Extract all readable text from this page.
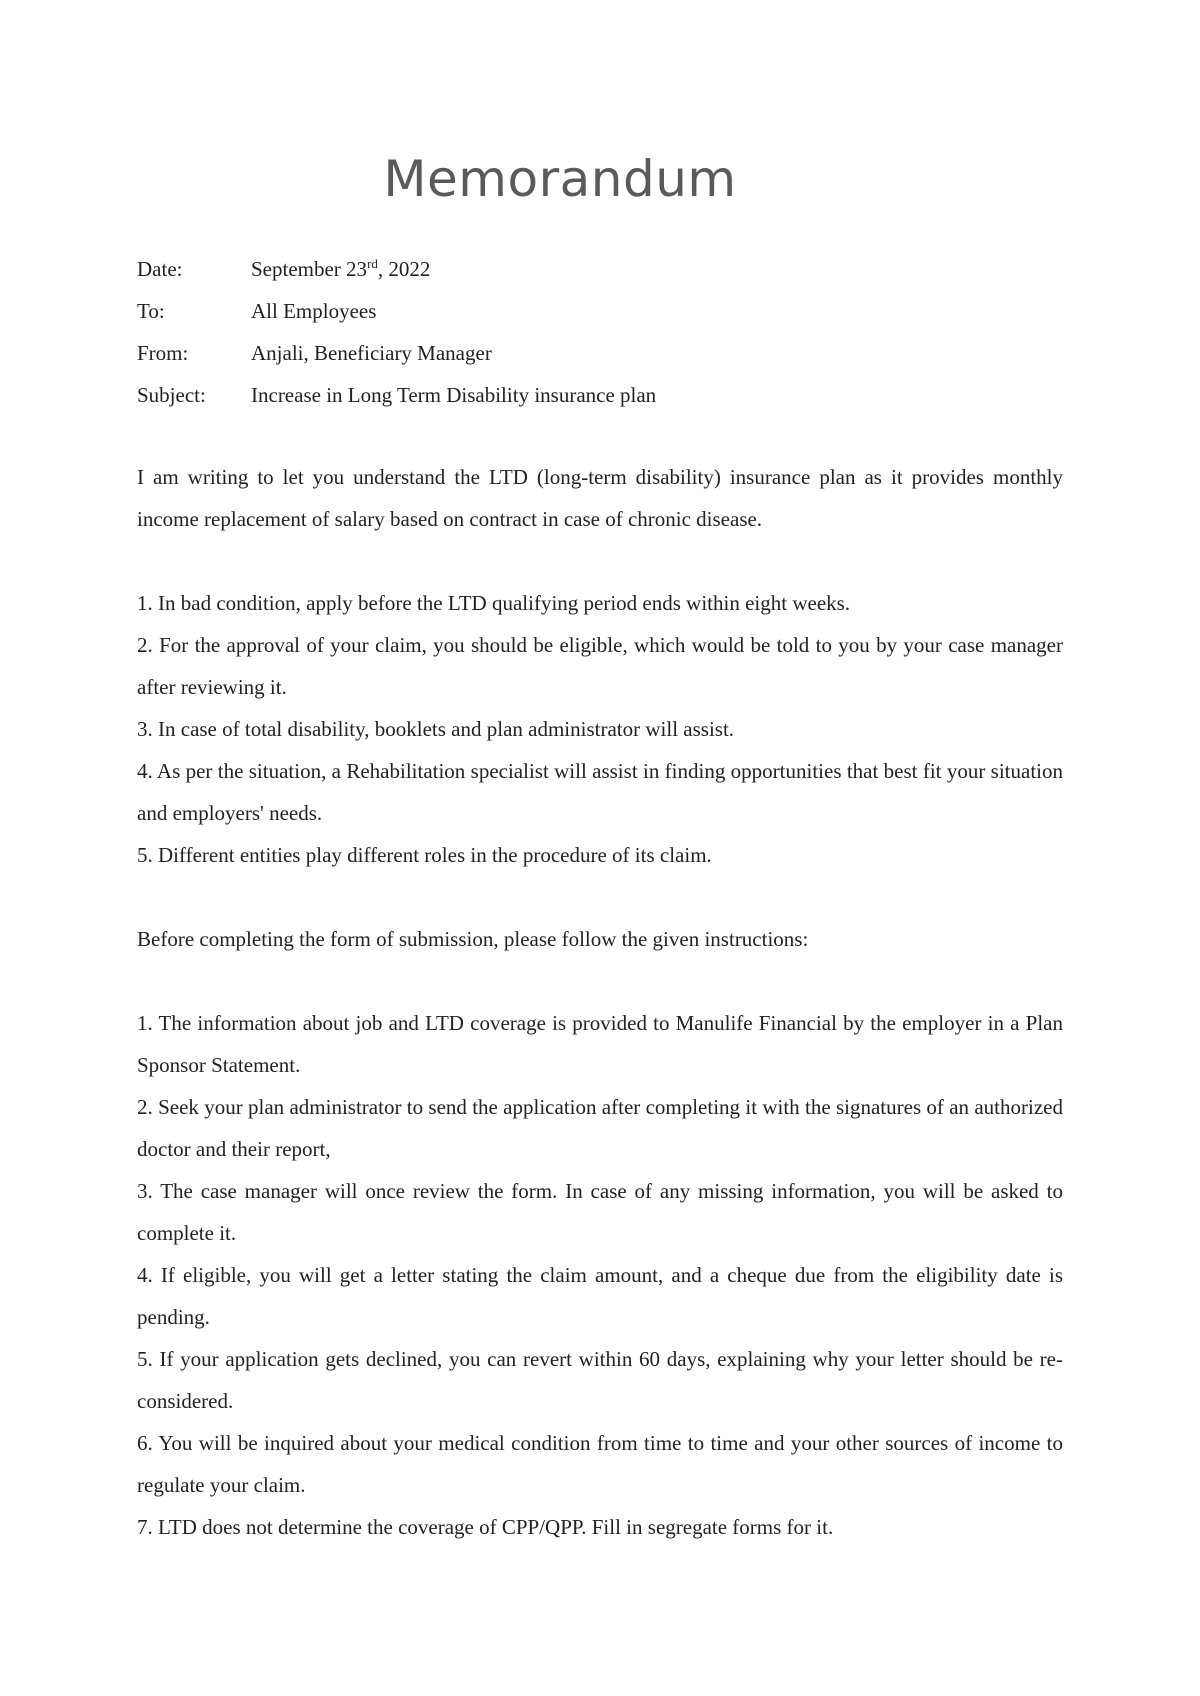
Memorandum
Date:	September 23rd, 2022
To:	All Employees
From:	Anjali, Beneficiary Manager
Subject:	Increase in Long Term Disability insurance plan

I am writing to let you understand the LTD (long-term disability) insurance plan as it provides monthly income replacement of salary based on contract in case of chronic disease.

1. In bad condition, apply before the LTD qualifying period ends within eight weeks.

2. For the approval of your claim, you should be eligible, which would be told to you by your case manager after reviewing it.

3. In case of total disability, booklets and plan administrator will assist.

4. As per the situation, a Rehabilitation specialist will assist in finding opportunities that best fit your situation and employers' needs.

5. Different entities play different roles in the procedure of its claim.

Before completing the form of submission, please follow the given instructions:

1. The information about job and LTD coverage is provided to Manulife Financial by the employer in a Plan Sponsor Statement.

2. Seek your plan administrator to send the application after completing it with the signatures of an authorized doctor and their report,

3. The case manager will once review the form. In case of any missing information, you will be asked to complete it.

4. If eligible, you will get a letter stating the claim amount, and a cheque due from the eligibility date is pending.

5. If your application gets declined, you can revert within 60 days, explaining why your letter should be re-considered.

6. You will be inquired about your medical condition from time to time and your other sources of income to regulate your claim.

7. LTD does not determine the coverage of CPP/QPP. Fill in segregate forms for it.
